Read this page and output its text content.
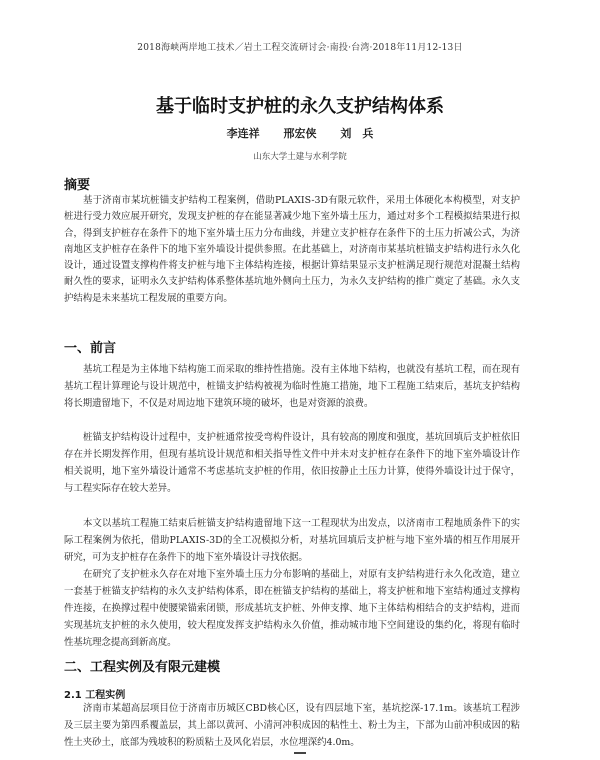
2018海峡两岸地工技术／岩土工程交流研讨会·南投·台湾·2018年11月12-13日
基于临时支护桩的永久支护结构体系
李连祥 邢宏侠 刘　兵
山东大学土建与水利学院
摘要

基于济南市某坑桩锚支护结构工程案例，借助PLAXIS-3D有限元软件，采用土体硬化本构模型，对支护桩进行受力效应展开研究，发现支护桩的存在能显著减少地下室外墙土压力，通过对多个工程模拟结果进行拟合，得到支护桩存在条件下的地下室外墙土压力分布曲线，并建立支护桩存在条件下的土压力折减公式，为济南地区支护桩存在条件下的地下室外墙设计提供参照。在此基础上，对济南市某基坑桩锚支护结构进行永久化设计，通过设置支撑构件将支护桩与地下主体结构连接，根据计算结果显示支护桩满足现行规范对混凝土结构耐久性的要求，证明永久支护结构体系整体基坑地外侧向土压力，为永久支护结构的推广奠定了基础。永久支护结构是未来基坑工程发展的重要方向。

一、前言

基坑工程是为主体地下结构施工而采取的维持性措施。没有主体地下结构，也就没有基坑工程，而在现有基坑工程计算理论与设计规范中，桩锚支护结构被视为临时性施工措施，地下工程施工结束后，基坑支护结构将长期遗留地下，不仅是对周边地下建筑环境的破坏，也是对资源的浪费。

桩锚支护结构设计过程中，支护桩通常按受弯构件设计，具有较高的刚度和强度，基坑回填后支护桩依旧存在并长期发挥作用，但现有基坑设计规范和相关指导性文件中并未对支护桩存在条件下的地下室外墙设计作相关说明，地下室外墙设计通常不考虑基坑支护桩的作用，依旧按静止土压力计算，使得外墙设计过于保守，与工程实际存在较大差异。

本文以基坑工程施工结束后桩锚支护结构遗留地下这一工程现状为出发点，以济南市工程地质条件下的实际工程案例为依托，借助PLAXIS-3D的全工况模拟分析，对基坑回填后支护桩与地下室外墙的相互作用展开研究，可为支护桩存在条件下的地下室外墙设计寻找依据。

在研究了支护桩永久存在对地下室外墙土压力分布影响的基础上，对原有支护结构进行永久化改造，建立一套基于桩锚支护结构的永久支护结构体系，即在桩锚支护结构的基础上，将支护桩和地下室结构通过支撑构件连接，在换撑过程中使腰梁锚索闭锁，形成基坑支护桩、外伸支撑、地下主体结构相结合的支护结构，进而实现基坑支护桩的永久使用，较大程度发挥支护结构永久价值，推动城市地下空间建设的集约化，将现有临时性基坑理念提高到新高度。

二、工程实例及有限元建模
2.1 工程实例

济南市某超高层项目位于济南市历城区CBD核心区，设有四层地下室，基坑挖深-17.1m。该基坑工程涉及三层主要为第四系覆盖层，其上部以黄河、小清河冲积成因的粘性土、粉土为主，下部为山前冲积成因的粘性土夹砂土，底部为残坡积的粉质粘土及风化岩层，水位埋深约4.0m。
